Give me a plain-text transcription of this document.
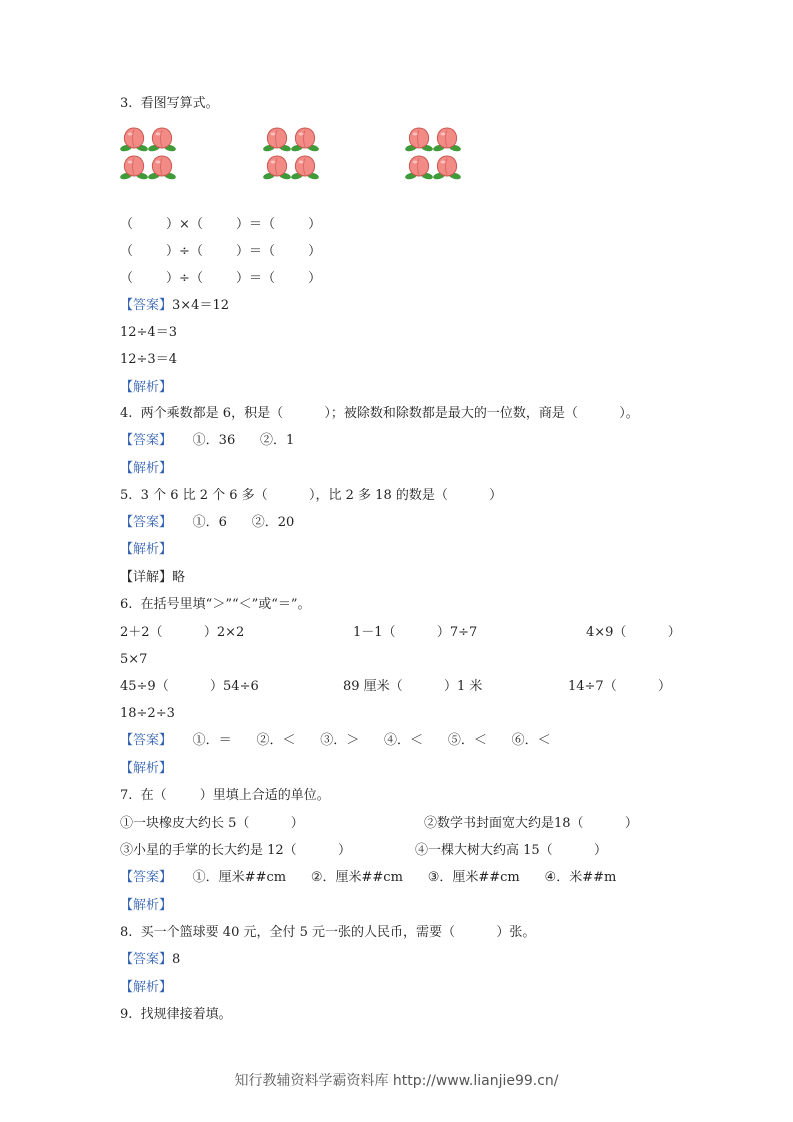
3.  看图写算式。
（        ）×（        ）＝（        ）
（        ）÷（        ）＝（        ）
（        ）÷（        ）＝（        ）
【答案】3×4＝12
12÷4＝3
12÷3＝4
【解析】
4.  两个乘数都是 6，积是（          ）；被除数和除数都是最大的一位数，商是（          ）。
【答案】     ①．36      ②．1
【解析】
5.  3 个 6 比 2 个 6 多（          ），比 2 多 18 的数是（          ）
【答案】     ①．6      ②．20
【解析】
【详解】略
6.  在括号里填“＞”“＜”或“＝”。
2＋2（          ）2×2	1－1（          ）7÷7	4×9（          ）
5×7
45÷9（          ）54÷6	89 厘米（          ）1 米	14÷7（          ）
18÷2÷3
【答案】     ①．＝      ②．＜      ③．＞      ④．＜      ⑤．＜      ⑥．＜
【解析】
7.  在（        ）里填上合适的单位。
①一块橡皮大约长 5（          ）	②数学书封面宽大约是18（          ）
③小星的手掌的长大约是 12（          ）	④一棵大树大约高 15（          ）
【答案】     ①．厘米##cm      ②．厘米##cm      ③．厘米##cm      ④．米##m
【解析】
8.  买一个篮球要 40 元，全付 5 元一张的人民币，需要（          ）张。
【答案】8
【解析】
9.  找规律接着填。
知行教辅资料学霸资料库 http://www.lianjie99.cn/
